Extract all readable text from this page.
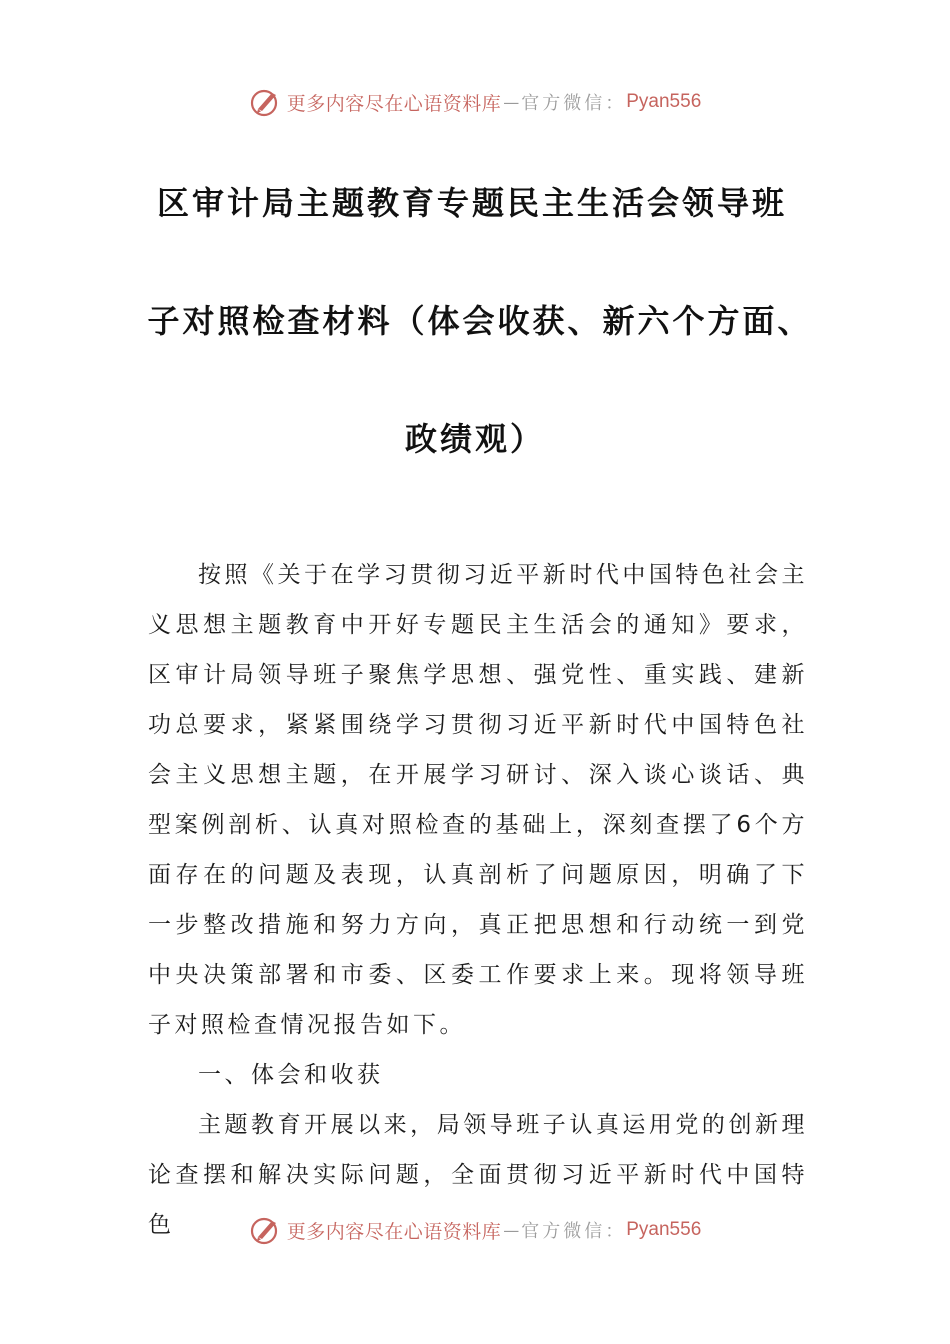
更多内容尽在心语资料库 — 官方微信： Pyan556
区审计局主题教育专题民主生活会领导班
子对照检查材料（体会收获、新六个方面、
政绩观）

按照《关于在学习贯彻习近平新时代中国特色社会主义思想主题教育中开好专题民主生活会的通知》要求，区审计局领导班子聚焦学思想、强党性、重实践、建新功总要求，紧紧围绕学习贯彻习近平新时代中国特色社会主义思想主题，在开展学习研讨、深入谈心谈话、典型案例剖析、认真对照检查的基础上，深刻查摆了6个方面存在的问题及表现，认真剖析了问题原因，明确了下一步整改措施和努力方向，真正把思想和行动统一到党中央决策部署和市委、区委工作要求上来。现将领导班子对照检查情况报告如下。

一、体会和收获

主题教育开展以来，局领导班子认真运用党的创新理论查摆和解决实际问题，全面贯彻习近平新时代中国特色	更多内容尽在心语资料库 — 官方微信： Pyan556
